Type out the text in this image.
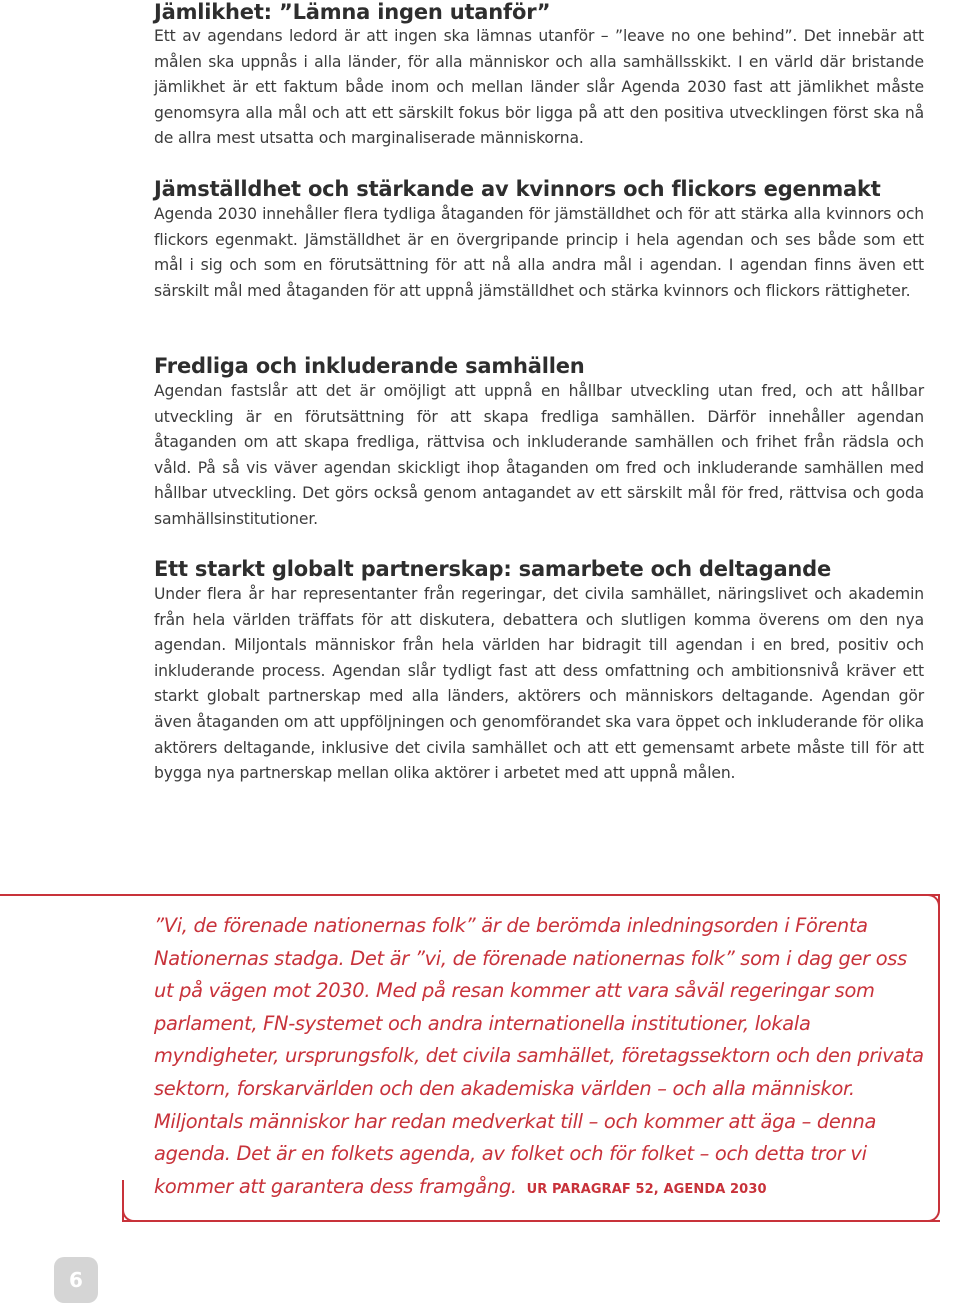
Jämlikhet: ”Lämna ingen utanför”

Ett av agendans ledord är att ingen ska lämnas utanför – ”leave no one behind”. Det innebär att målen ska uppnås i alla länder, för alla människor och alla samhällsskikt. I en värld där bristande jämlikhet är ett faktum både inom och mellan länder slår Agenda 2030 fast att jämlikhet måste genomsyra alla mål och att ett särskilt fokus bör ligga på att den positiva utvecklingen först ska nå de allra mest utsatta och marginaliserade människorna.

Jämställdhet och stärkande av kvinnors och flickors egenmakt

Agenda 2030 innehåller flera tydliga åtaganden för jämställdhet och för att stärka alla kvinnors och flickors egenmakt. Jämställdhet är en övergripande princip i hela agendan och ses både som ett mål i sig och som en förutsättning för att nå alla andra mål i agendan. I agendan finns även ett särskilt mål med åtaganden för att uppnå jämställdhet och stärka kvinnors och flickors rättigheter.

Fredliga och inkluderande samhällen

Agendan fastslår att det är omöjligt att uppnå en hållbar utveckling utan fred, och att hållbar utveckling är en förutsättning för att skapa fredliga samhällen. Därför innehåller agendan åtaganden om att skapa fredliga, rättvisa och inkluderande samhällen och frihet från rädsla och våld. På så vis väver agendan skickligt ihop åtaganden om fred och inkluderande samhällen med hållbar utveckling. Det görs också genom antagandet av ett särskilt mål för fred, rättvisa och goda samhällsinstitutioner.

Ett starkt globalt partnerskap: samarbete och deltagande

Under flera år har representanter från regeringar, det civila samhället, näringslivet och akademin från hela världen träffats för att diskutera, debattera och slutligen komma överens om den nya agendan. Miljontals människor från hela världen har bidragit till agendan i en bred, positiv och inkluderande process. Agendan slår tydligt fast att dess omfattning och ambitionsnivå kräver ett starkt globalt partnerskap med alla länders, aktörers och människors deltagande. Agendan gör även åtaganden om att uppföljningen och genomförandet ska vara öppet och inkluderande för olika aktörers deltagande, inklusive det civila samhället och att ett gemensamt arbete måste till för att bygga nya partnerskap mellan olika aktörer i arbetet med att uppnå målen.

”Vi, de förenade nationernas folk” är de berömda inledningsorden i Förenta Nationernas stadga. Det är ”vi, de förenade nationernas folk” som i dag ger oss ut på vägen mot 2030. Med på resan kommer att vara såväl regeringar som parlament, FN-systemet och andra internationella institutioner, lokala myndigheter, ursprungsfolk, det civila samhället, företagssektorn och den privata sektorn, forskarvärlden och den akademiska världen – och alla människor. Miljontals människor har redan medverkat till – och kommer att äga – denna agenda. Det är en folkets agenda, av folket och för folket – och detta tror vi kommer att garantera dess framgång. UR PARAGRAF 52, AGENDA 2030

6
